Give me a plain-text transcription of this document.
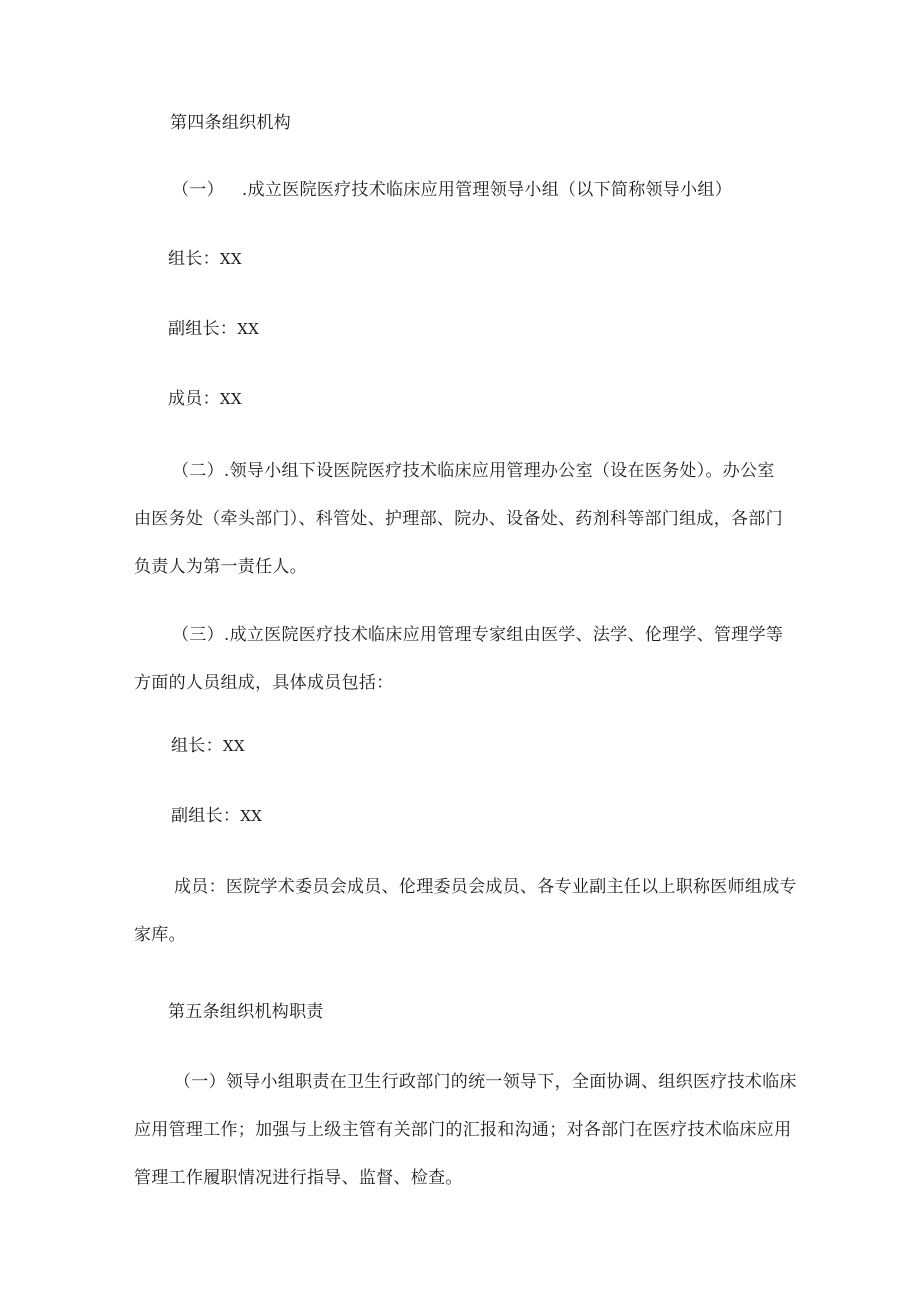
第四条组织机构
（一） .成立医院医疗技术临床应用管理领导小组（以下简称领导小组）
组长：XX
副组长：XX
成员：XX
（二）.领导小组下设医院医疗技术临床应用管理办公室（设在医务处）。办公室
由医务处（牵头部门）、科管处、护理部、院办、设备处、药剂科等部门组成，各部门
负责人为第一责任人。
（三）.成立医院医疗技术临床应用管理专家组由医学、法学、伦理学、管理学等
方面的人员组成，具体成员包括：
组长：XX
副组长：XX
成员：医院学术委员会成员、伦理委员会成员、各专业副主任以上职称医师组成专
家库。
第五条组织机构职责
（一）领导小组职责在卫生行政部门的统一领导下，全面协调、组织医疗技术临床
应用管理工作；加强与上级主管有关部门的汇报和沟通；对各部门在医疗技术临床应用
管理工作履职情况进行指导、监督、检查。
